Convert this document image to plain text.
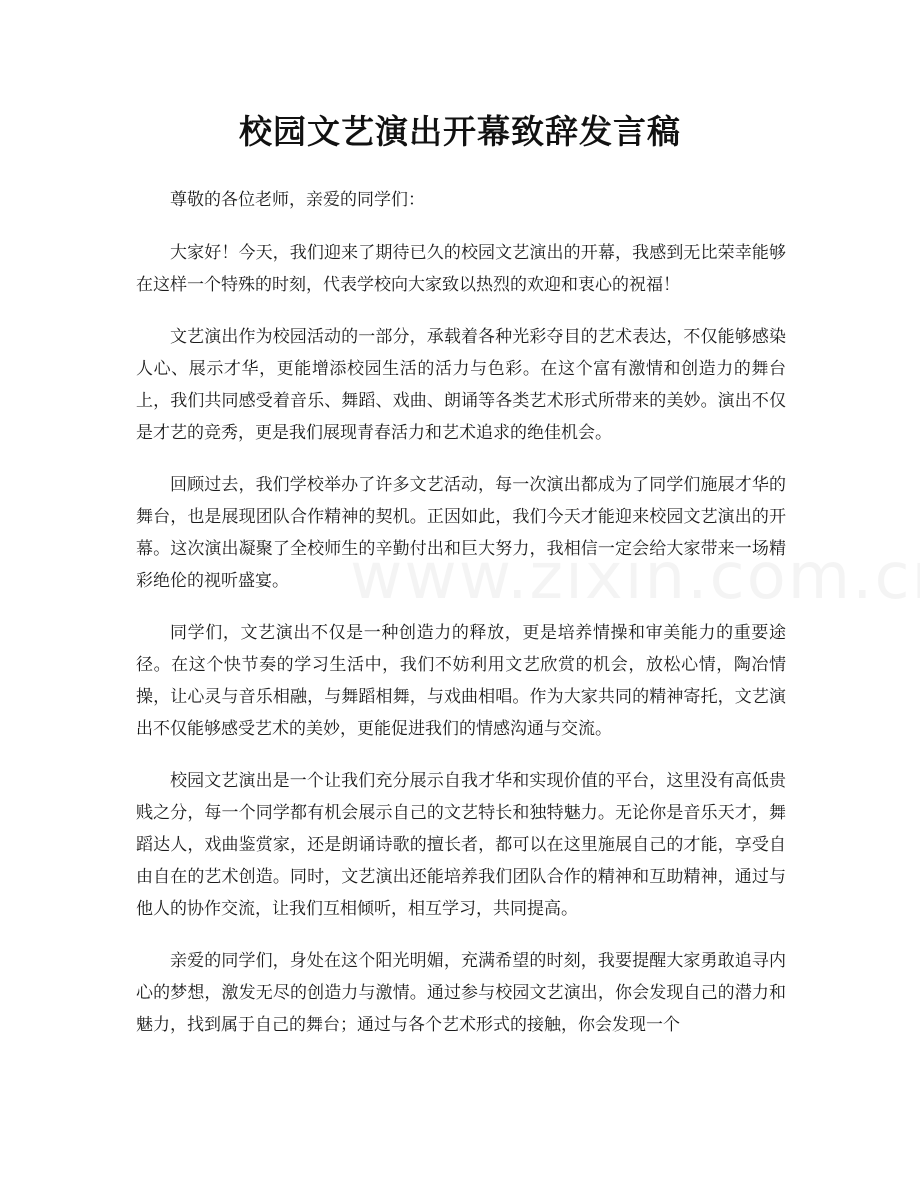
校园文艺演出开幕致辞发言稿

尊敬的各位老师，亲爱的同学们：

大家好！今天，我们迎来了期待已久的校园文艺演出的开幕，我感到无比荣幸能够在这样一个特殊的时刻，代表学校向大家致以热烈的欢迎和衷心的祝福！

文艺演出作为校园活动的一部分，承载着各种光彩夺目的艺术表达，不仅能够感染人心、展示才华，更能增添校园生活的活力与色彩。在这个富有激情和创造力的舞台上，我们共同感受着音乐、舞蹈、戏曲、朗诵等各类艺术形式所带来的美妙。演出不仅是才艺的竞秀，更是我们展现青春活力和艺术追求的绝佳机会。

回顾过去，我们学校举办了许多文艺活动，每一次演出都成为了同学们施展才华的舞台，也是展现团队合作精神的契机。正因如此，我们今天才能迎来校园文艺演出的开幕。这次演出凝聚了全校师生的辛勤付出和巨大努力，我相信一定会给大家带来一场精彩绝伦的视听盛宴。

同学们，文艺演出不仅是一种创造力的释放，更是培养情操和审美能力的重要途径。在这个快节奏的学习生活中，我们不妨利用文艺欣赏的机会，放松心情，陶冶情操，让心灵与音乐相融，与舞蹈相舞，与戏曲相唱。作为大家共同的精神寄托，文艺演出不仅能够感受艺术的美妙，更能促进我们的情感沟通与交流。

校园文艺演出是一个让我们充分展示自我才华和实现价值的平台，这里没有高低贵贱之分，每一个同学都有机会展示自己的文艺特长和独特魅力。无论你是音乐天才，舞蹈达人，戏曲鉴赏家，还是朗诵诗歌的擅长者，都可以在这里施展自己的才能，享受自由自在的艺术创造。同时，文艺演出还能培养我们团队合作的精神和互助精神，通过与他人的协作交流，让我们互相倾听，相互学习，共同提高。

亲爱的同学们，身处在这个阳光明媚，充满希望的时刻，我要提醒大家勇敢追寻内心的梦想，激发无尽的创造力与激情。通过参与校园文艺演出，你会发现自己的潜力和魅力，找到属于自己的舞台；通过与各个艺术形式的接触，你会发现一个
